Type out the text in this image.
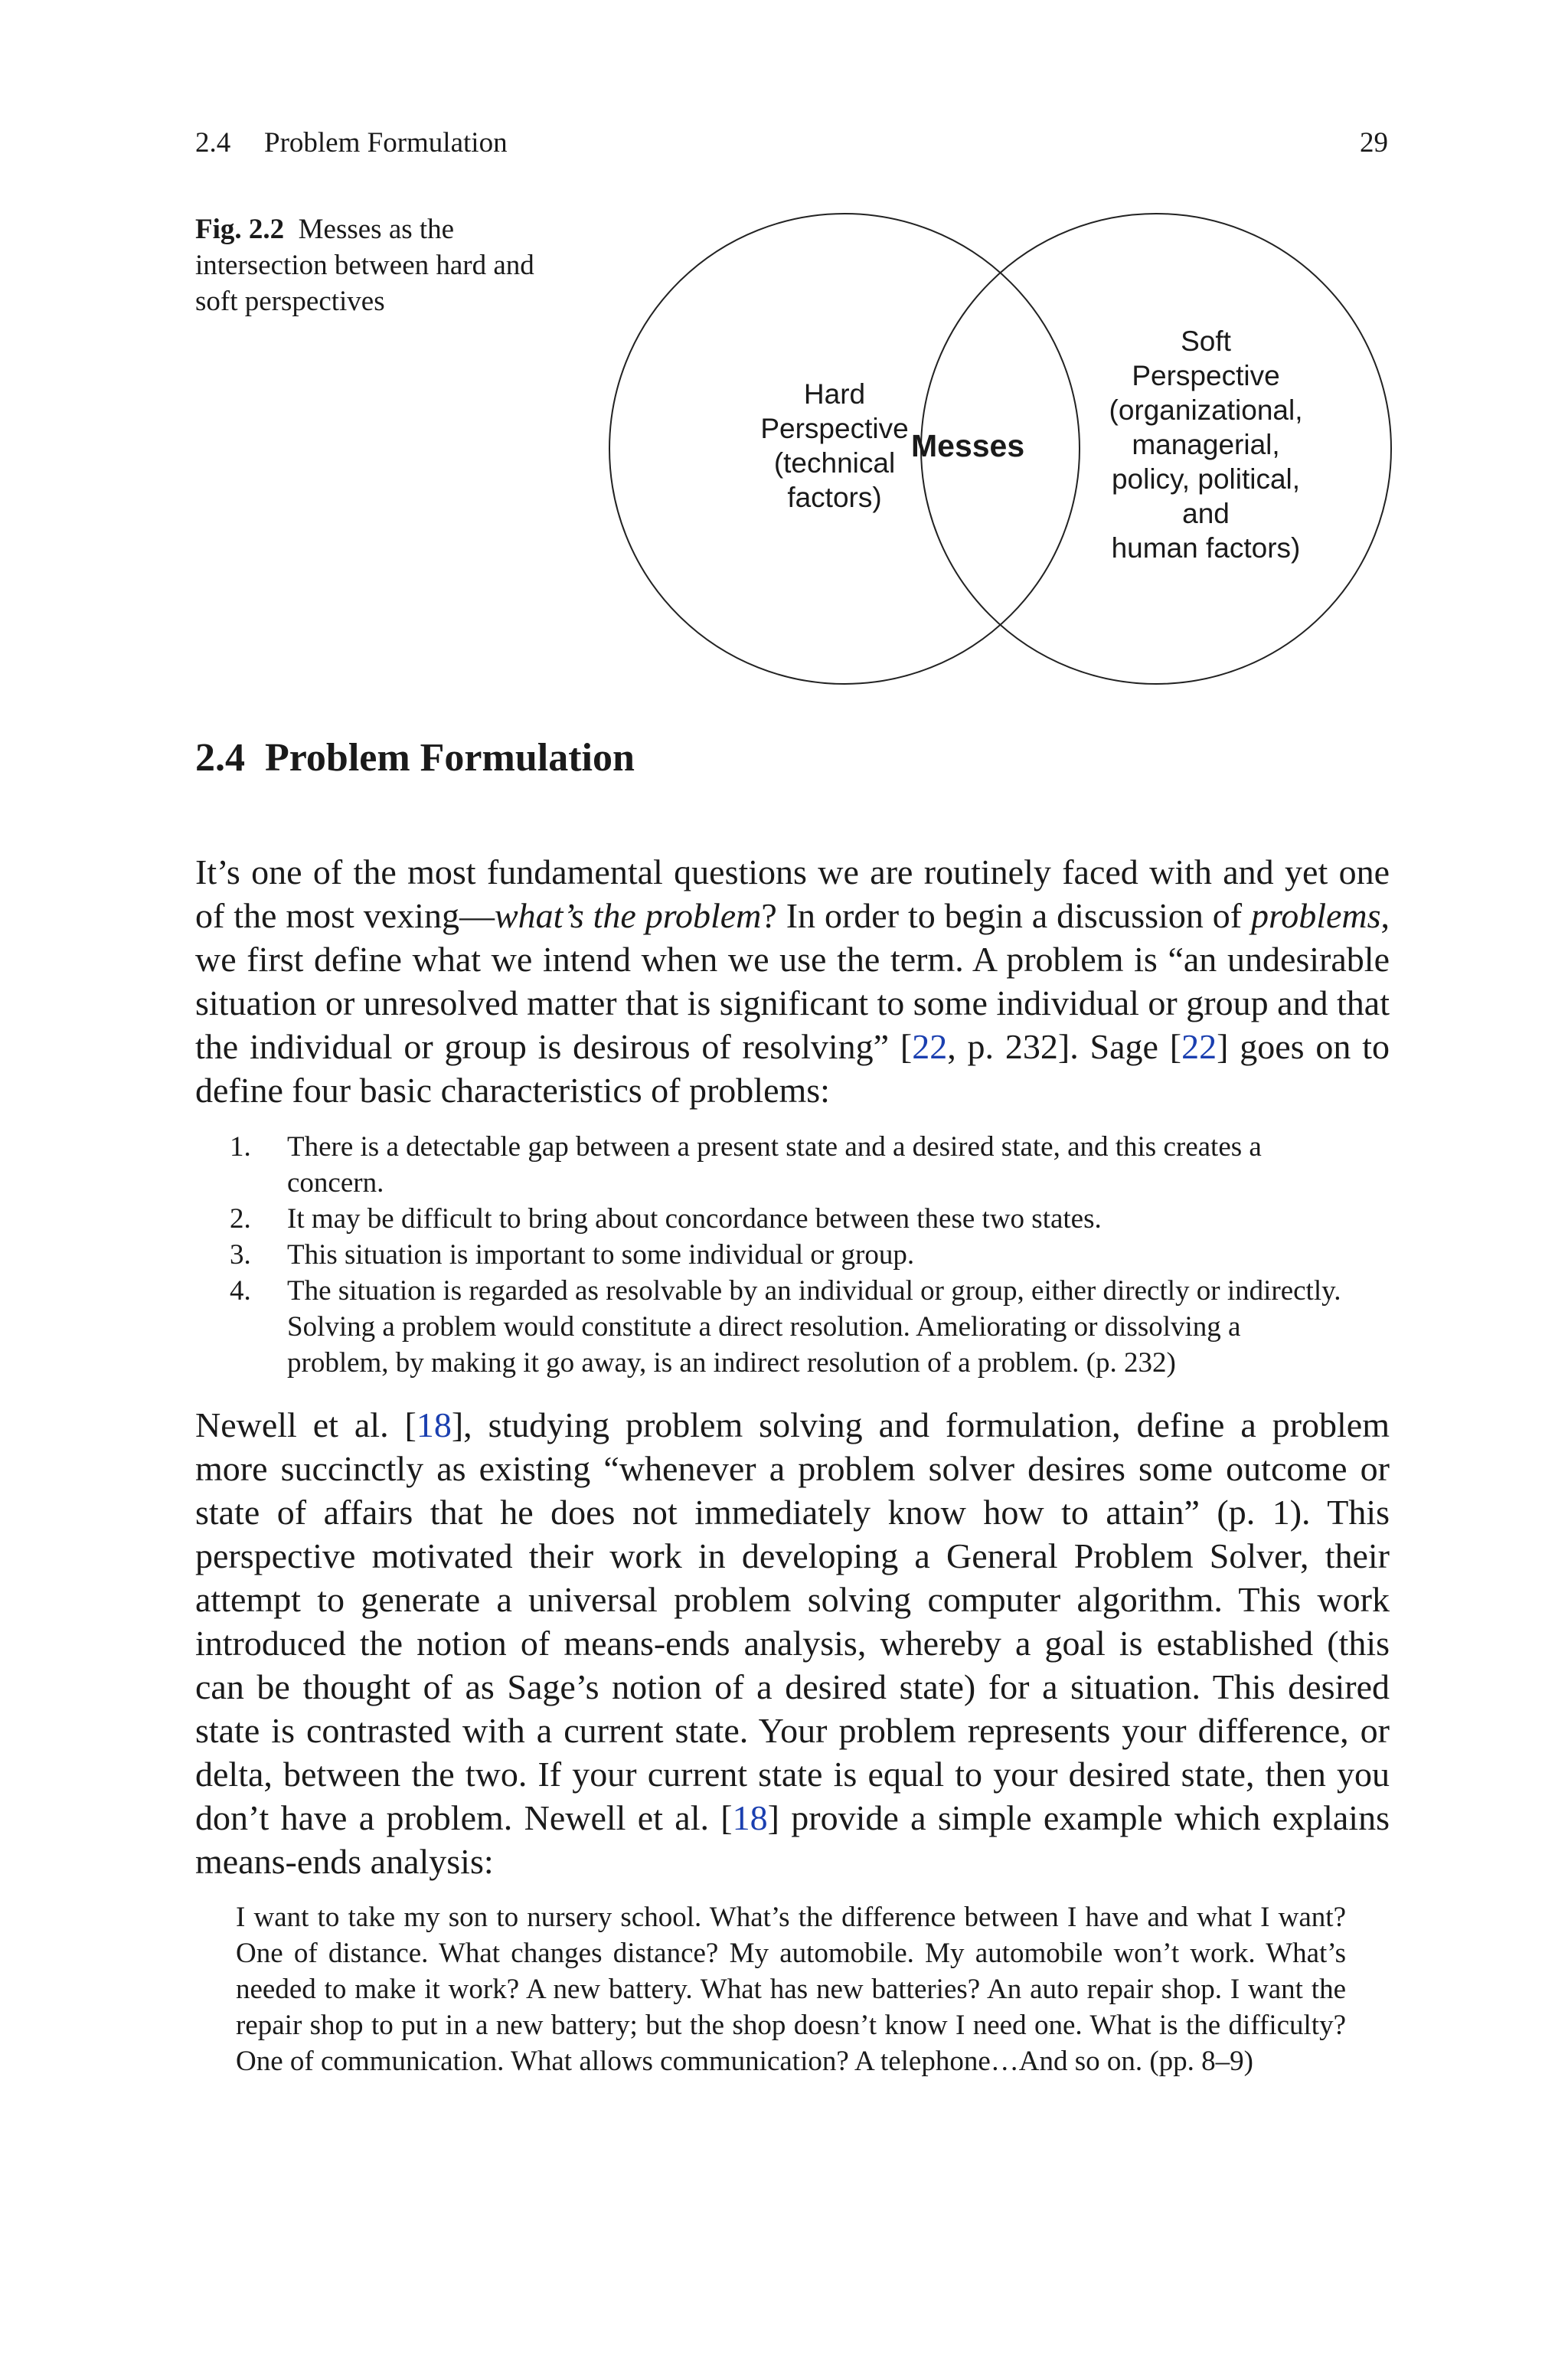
2.4 Problem Formulation	29
Fig. 2.2 Messes as the intersection between hard and soft perspectives
Hard
Perspective
(technical
factors)
Messes
Soft
Perspective
(organizational,
managerial,
policy, political,
and
human factors)
2.4 Problem Formulation

It’s one of the most fundamental questions we are routinely faced with and yet one of the most vexing—what’s the problem? In order to begin a discussion of problems, we first define what we intend when we use the term. A problem is “an undesirable situation or unresolved matter that is significant to some individual or group and that the individual or group is desirous of resolving” [22, p. 232]. Sage [22] goes on to define four basic characteristics of problems:

1. There is a detectable gap between a present state and a desired state, and this creates a concern.
2. It may be difficult to bring about concordance between these two states.
3. This situation is important to some individual or group.
4. The situation is regarded as resolvable by an individual or group, either directly or indirectly. Solving a problem would constitute a direct resolution. Ameliorating or dissolving a problem, by making it go away, is an indirect resolution of a problem. (p. 232)

Newell et al. [18], studying problem solving and formulation, define a problem more succinctly as existing “whenever a problem solver desires some outcome or state of affairs that he does not immediately know how to attain” (p. 1). This perspective motivated their work in developing a General Problem Solver, their attempt to generate a universal problem solving computer algorithm. This work introduced the notion of means-ends analysis, whereby a goal is established (this can be thought of as Sage’s notion of a desired state) for a situation. This desired state is contrasted with a current state. Your problem represents your difference, or delta, between the two. If your current state is equal to your desired state, then you don’t have a problem. Newell et al. [18] provide a simple example which explains means-ends analysis:

I want to take my son to nursery school. What’s the difference between I have and what I want? One of distance. What changes distance? My automobile. My automobile won’t work. What’s needed to make it work? A new battery. What has new batteries? An auto repair shop. I want the repair shop to put in a new battery; but the shop doesn’t know I need one. What is the difficulty? One of communication. What allows communication? A telephone…And so on. (pp. 8–9)
